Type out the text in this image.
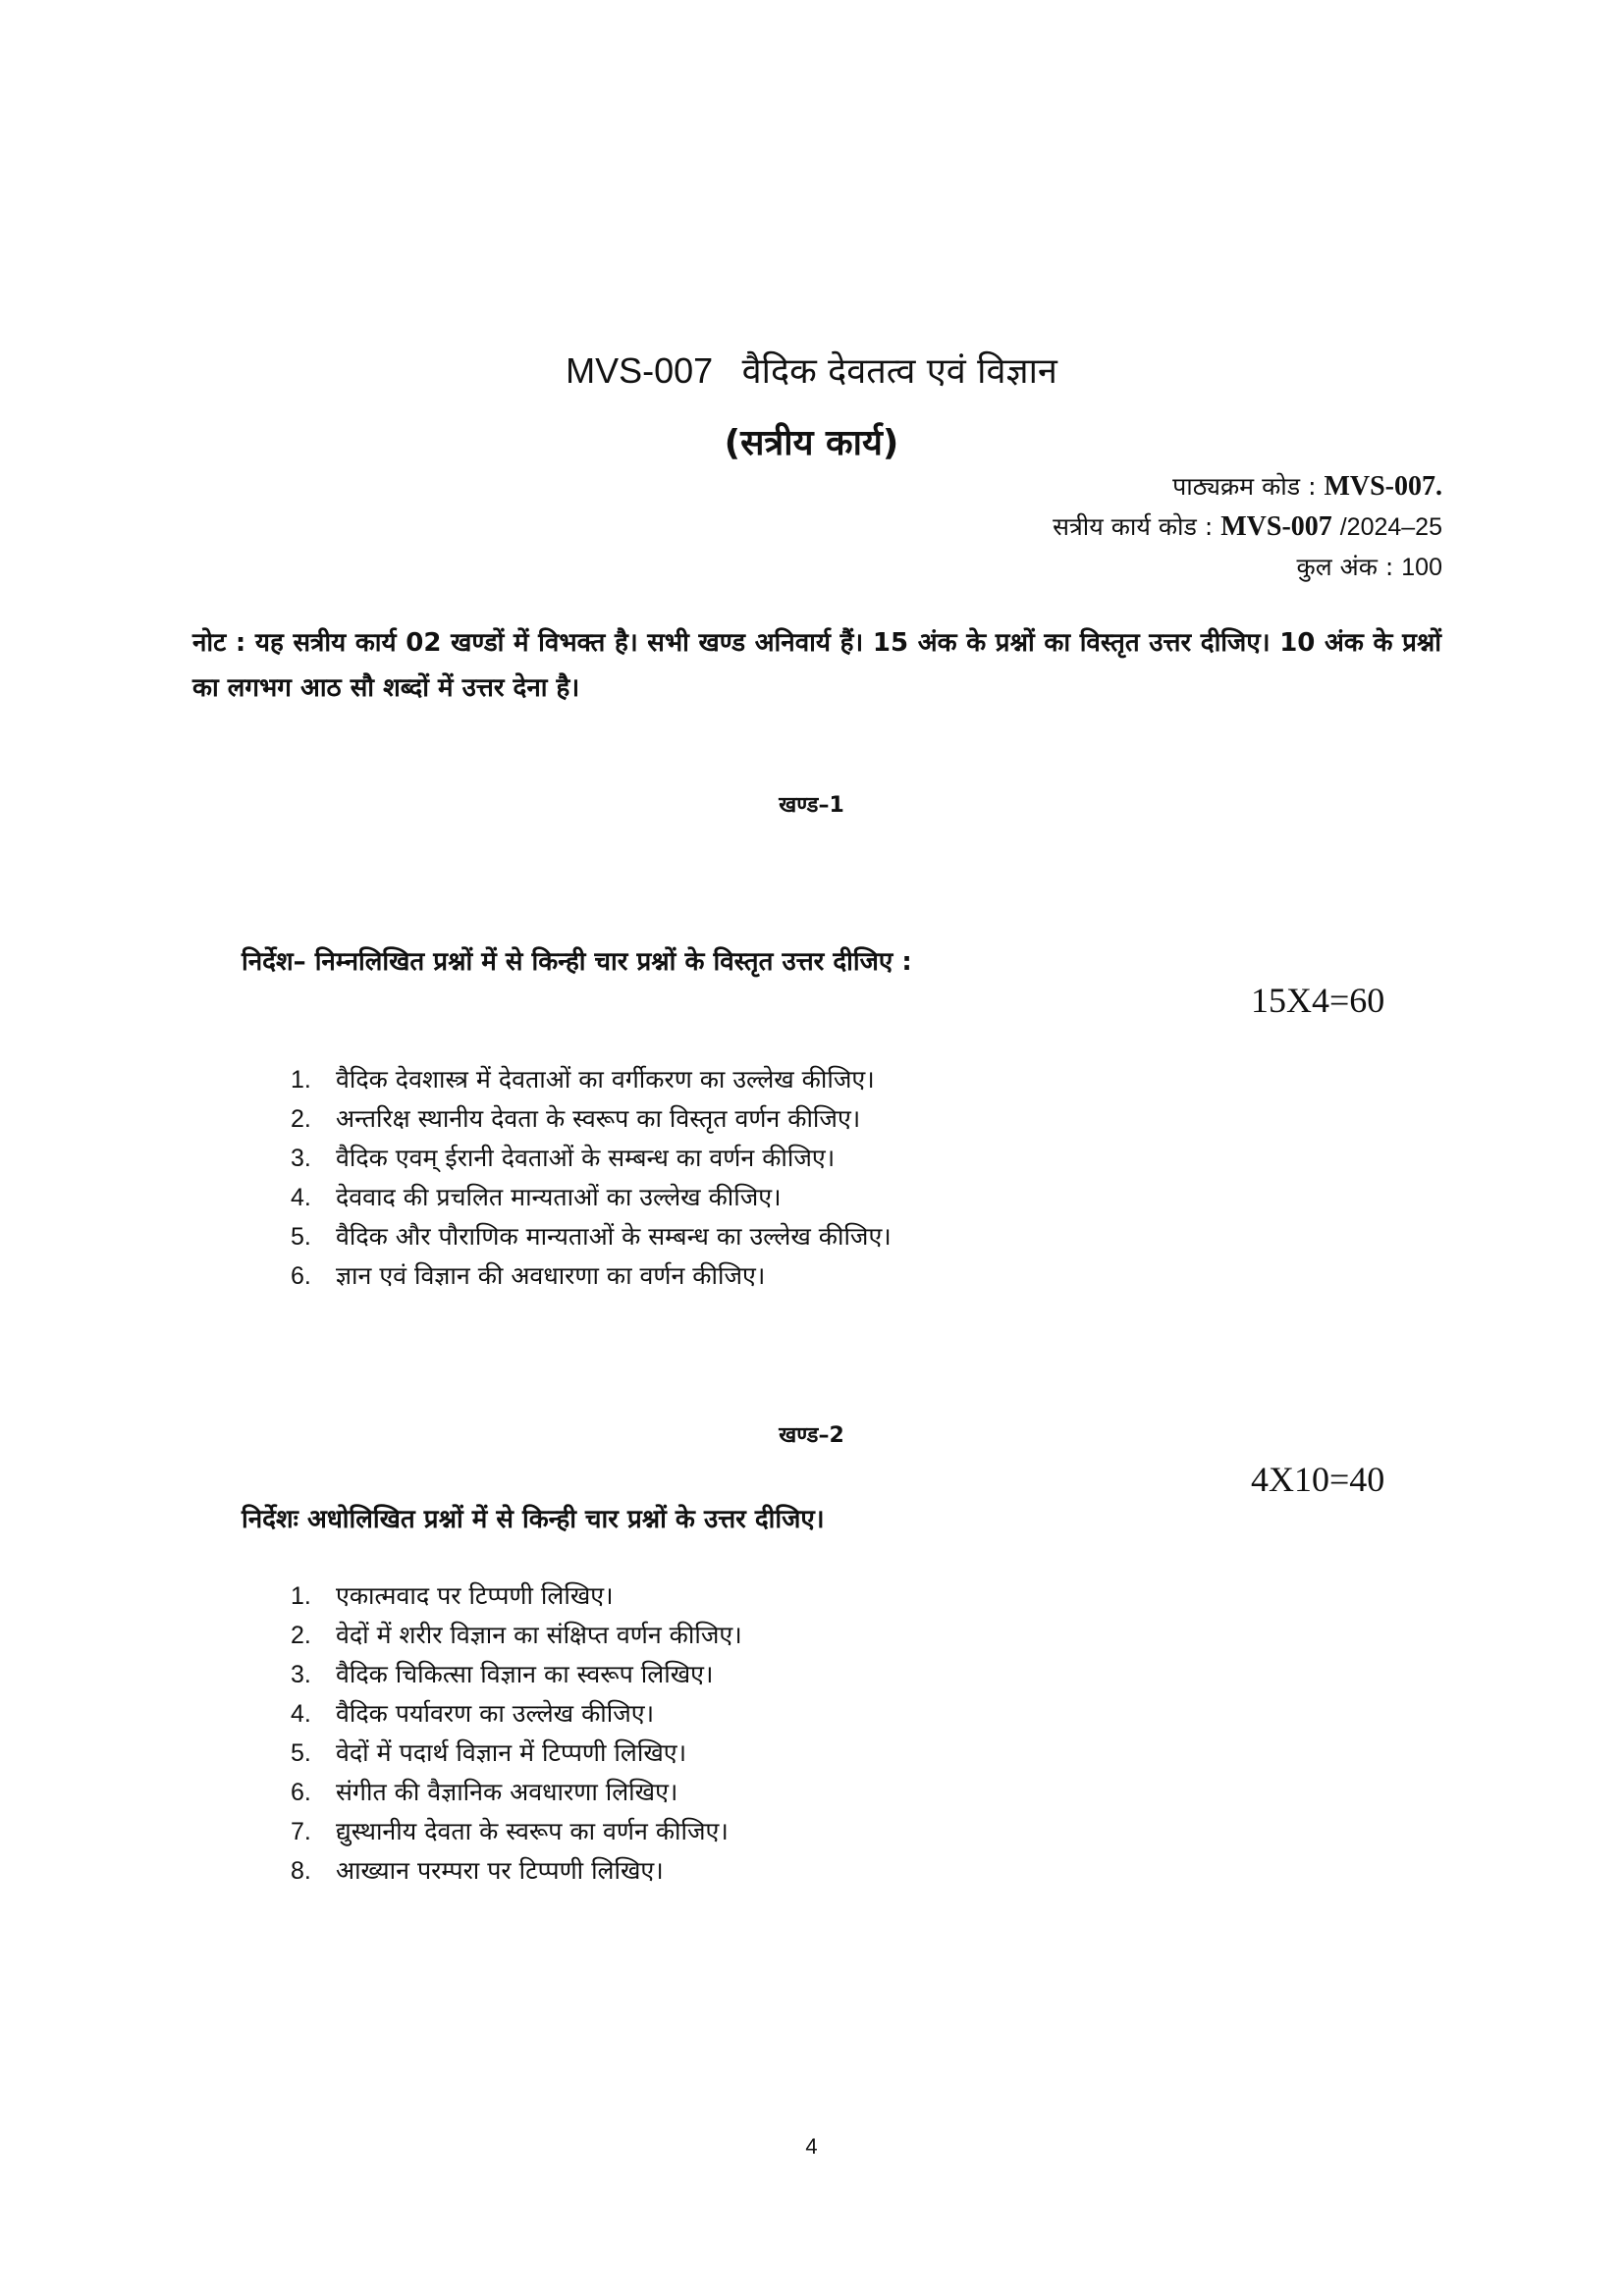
MVS-007 वैदिक देवतत्व एवं विज्ञान
(सत्रीय कार्य)
पाठ्यक्रम कोड : MVS-007.
सत्रीय कार्य कोड : MVS-007 /2024–25
कुल अंक : 100
नोट : यह सत्रीय कार्य 02 खण्डों में विभक्त है। सभी खण्ड अनिवार्य हैं। 15 अंक के प्रश्नों का विस्तृत उत्तर दीजिए। 10 अंक के प्रश्नों का लगभग आठ सौ शब्दों में उत्तर देना है।
खण्ड–1
निर्देश– निम्नलिखित प्रश्नों में से किन्ही चार प्रश्नों के विस्तृत उत्तर दीजिए :
15X4=60
1.	वैदिक देवशास्त्र में देवताओं का वर्गीकरण का उल्लेख कीजिए।
2.	अन्तरिक्ष स्थानीय देवता के स्वरूप का विस्तृत वर्णन कीजिए।
3.	वैदिक एवम् ईरानी देवताओं के सम्बन्ध का वर्णन कीजिए।
4.	देववाद की प्रचलित मान्यताओं का उल्लेख कीजिए।
5.	वैदिक और पौराणिक मान्यताओं के सम्बन्ध का उल्लेख कीजिए।
6.	ज्ञान एवं विज्ञान की अवधारणा का वर्णन कीजिए।
खण्ड–2
4X10=40
निर्देशः अधोलिखित प्रश्नों में से किन्ही चार प्रश्नों के उत्तर दीजिए।
1.	एकात्मवाद पर टिप्पणी लिखिए।
2.	वेदों में शरीर विज्ञान का संक्षिप्त वर्णन कीजिए।
3.	वैदिक चिकित्सा विज्ञान का स्वरूप लिखिए।
4.	वैदिक पर्यावरण का उल्लेख कीजिए।
5.	वेदों में पदार्थ विज्ञान में टिप्पणी लिखिए।
6.	संगीत की वैज्ञानिक अवधारणा लिखिए।
7.	द्युस्थानीय देवता के स्वरूप का वर्णन कीजिए।
8.	आख्यान परम्परा पर टिप्पणी लिखिए।
4
